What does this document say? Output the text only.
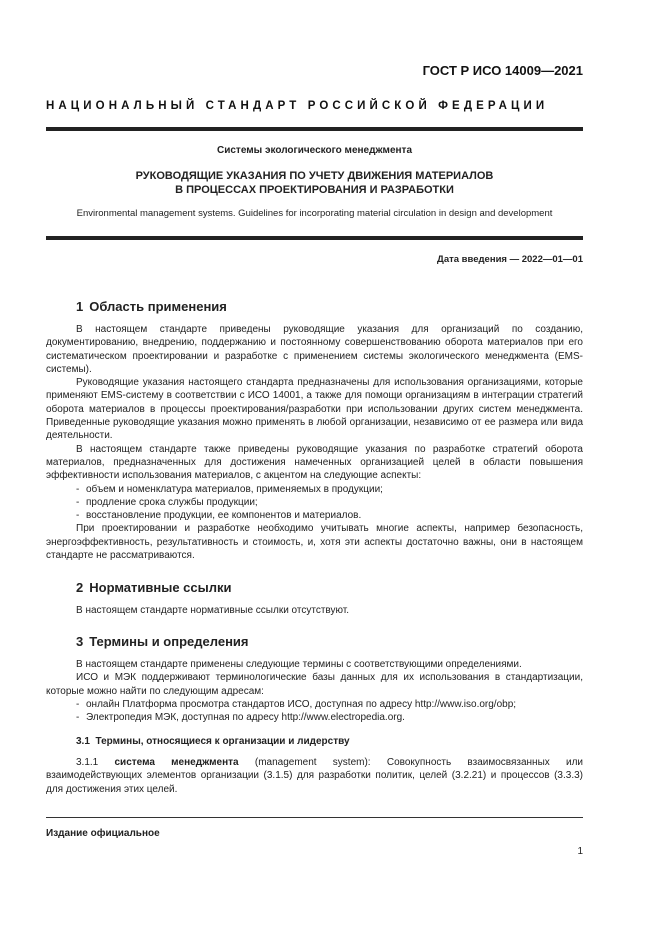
ГОСТ Р ИСО 14009—2021
НАЦИОНАЛЬНЫЙ СТАНДАРТ РОССИЙСКОЙ ФЕДЕРАЦИИ
Системы экологического менеджмента
РУКОВОДЯЩИЕ УКАЗАНИЯ ПО УЧЕТУ ДВИЖЕНИЯ МАТЕРИАЛОВ
В ПРОЦЕССАХ ПРОЕКТИРОВАНИЯ И РАЗРАБОТКИ
Environmental management systems. Guidelines for incorporating material circulation in design and development
Дата введения — 2022—01—01
1 Область применения

В настоящем стандарте приведены руководящие указания для организаций по созданию, документированию, внедрению, поддержанию и постоянному совершенствованию оборота материалов при его систематическом проектировании и разработке с применением системы экологического менеджмента (EMS-системы).

Руководящие указания настоящего стандарта предназначены для использования организациями, которые применяют EMS-систему в соответствии с ИСО 14001, а также для помощи организациям в интеграции стратегий оборота материалов в процессы проектирования/разработки при использовании других систем менеджмента. Приведенные руководящие указания можно применять в любой организации, независимо от ее размера или вида деятельности.

В настоящем стандарте также приведены руководящие указания по разработке стратегий оборота материалов, предназначенных для достижения намеченных организацией целей в области повышения эффективности использования материалов, с акцентом на следующие аспекты:

- объем и номенклатура материалов, применяемых в продукции;
- продление срока службы продукции;
- восстановление продукции, ее компонентов и материалов.

При проектировании и разработке необходимо учитывать многие аспекты, например безопасность, энергоэффективность, результативность и стоимость, и, хотя эти аспекты достаточно важны, они в настоящем стандарте не рассматриваются.

2 Нормативные ссылки

В настоящем стандарте нормативные ссылки отсутствуют.

3 Термины и определения

В настоящем стандарте применены следующие термины с соответствующими определениями.

ИСО и МЭК поддерживают терминологические базы данных для их использования в стандартизации, которые можно найти по следующим адресам:

- онлайн Платформа просмотра стандартов ИСО, доступная по адресу http://www.iso.org/obp;
- Электропедия МЭК, доступная по адресу http://www.electropedia.org.
3.1 Термины, относящиеся к организации и лидерству

3.1.1 система менеджмента (management system): Совокупность взаимосвязанных или взаимодействующих элементов организации (3.1.5) для разработки политик, целей (3.2.21) и процессов (3.3.3) для достижения этих целей.

Издание официальное
1
